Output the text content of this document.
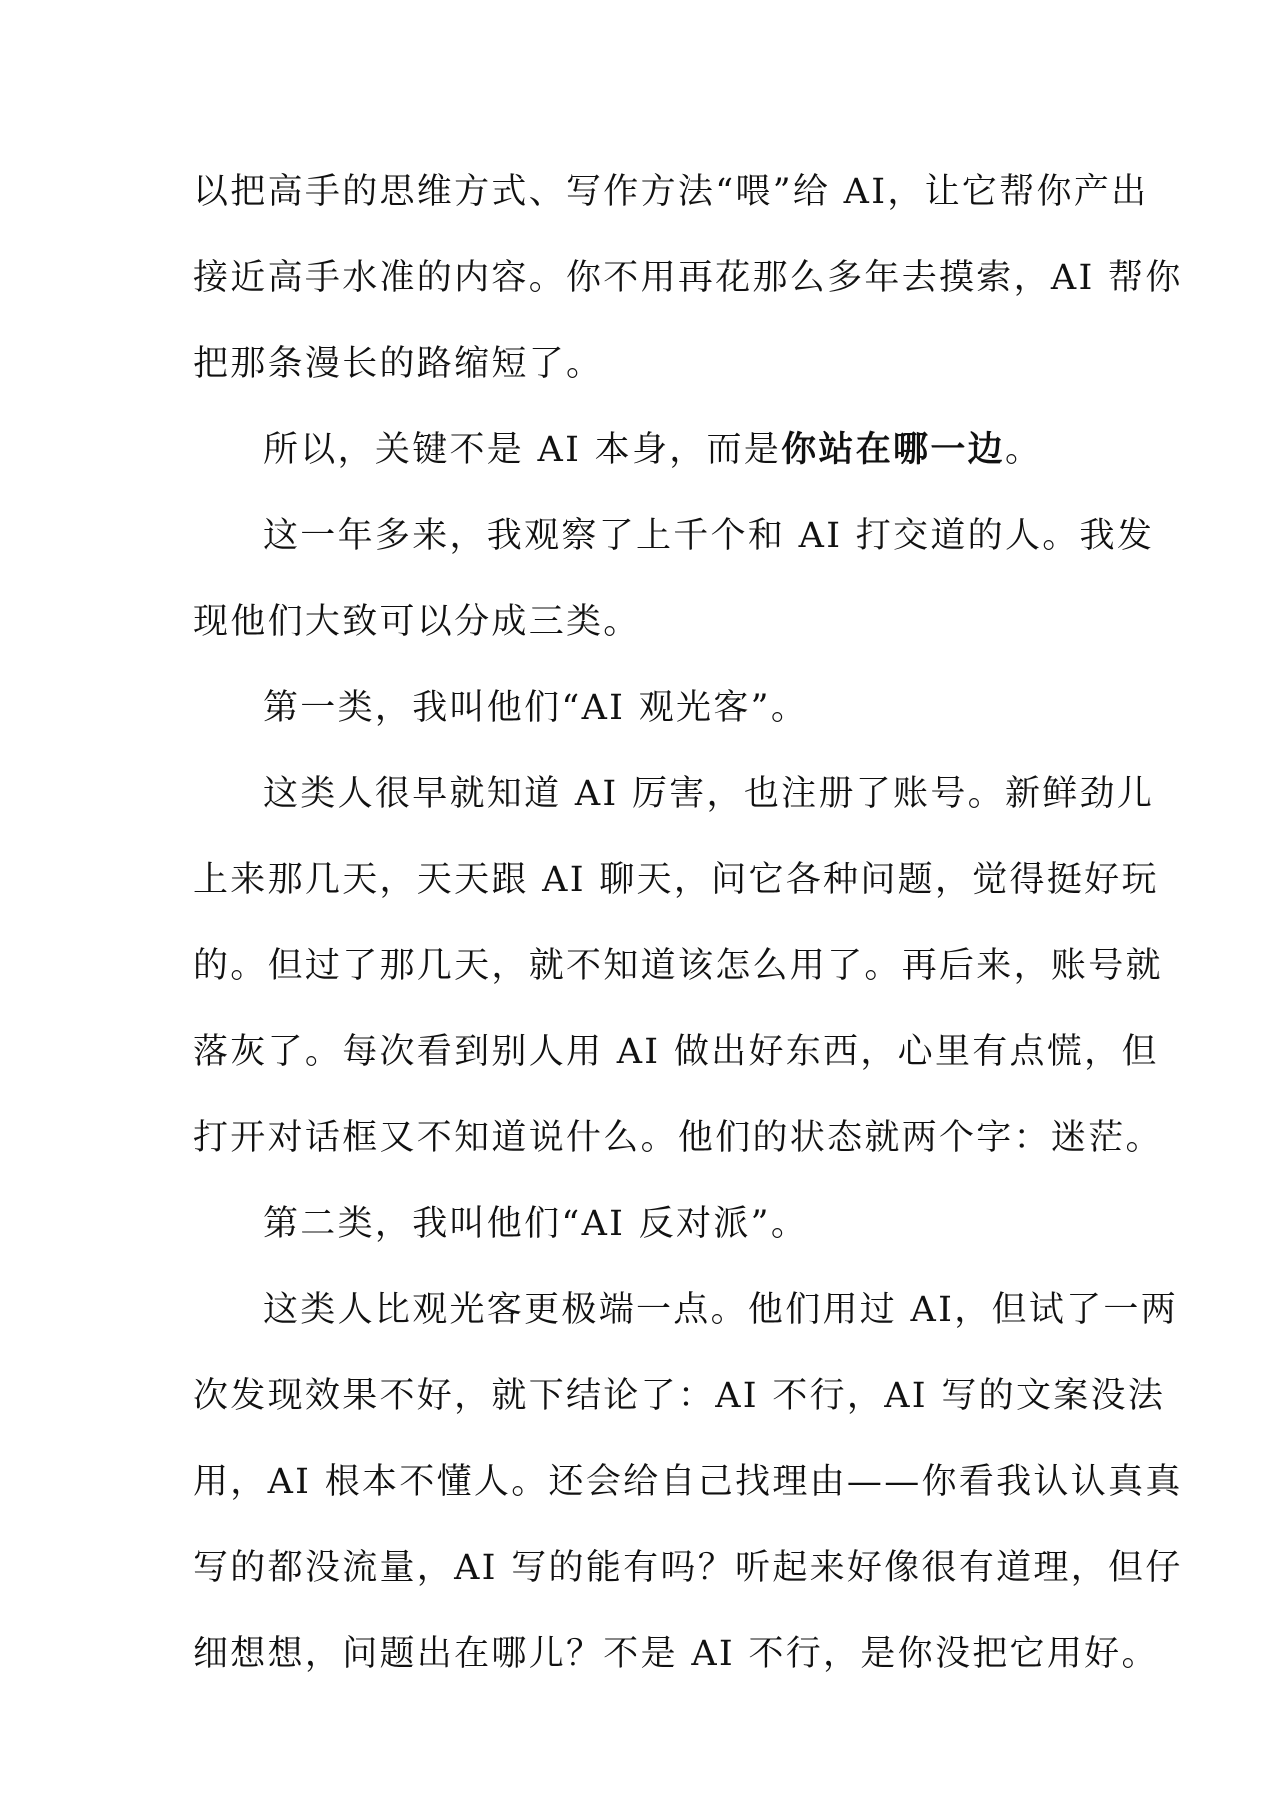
以把高手的思维方式、写作方法“喂”给 AI，让它帮你产出
接近高手水准的内容。你不用再花那么多年去摸索，AI 帮你
把那条漫长的路缩短了。
所以，关键不是 AI 本身，而是你站在哪一边。
这一年多来，我观察了上千个和 AI 打交道的人。我发
现他们大致可以分成三类。
第一类，我叫他们“AI 观光客”。
这类人很早就知道 AI 厉害，也注册了账号。新鲜劲儿
上来那几天，天天跟 AI 聊天，问它各种问题，觉得挺好玩
的。但过了那几天，就不知道该怎么用了。再后来，账号就
落灰了。每次看到别人用 AI 做出好东西，心里有点慌，但
打开对话框又不知道说什么。他们的状态就两个字：迷茫。
第二类，我叫他们“AI 反对派”。
这类人比观光客更极端一点。他们用过 AI，但试了一两
次发现效果不好，就下结论了：AI 不行，AI 写的文案没法
用，AI 根本不懂人。还会给自己找理由——你看我认认真真
写的都没流量，AI 写的能有吗？听起来好像很有道理，但仔
细想想，问题出在哪儿？不是 AI 不行，是你没把它用好。
